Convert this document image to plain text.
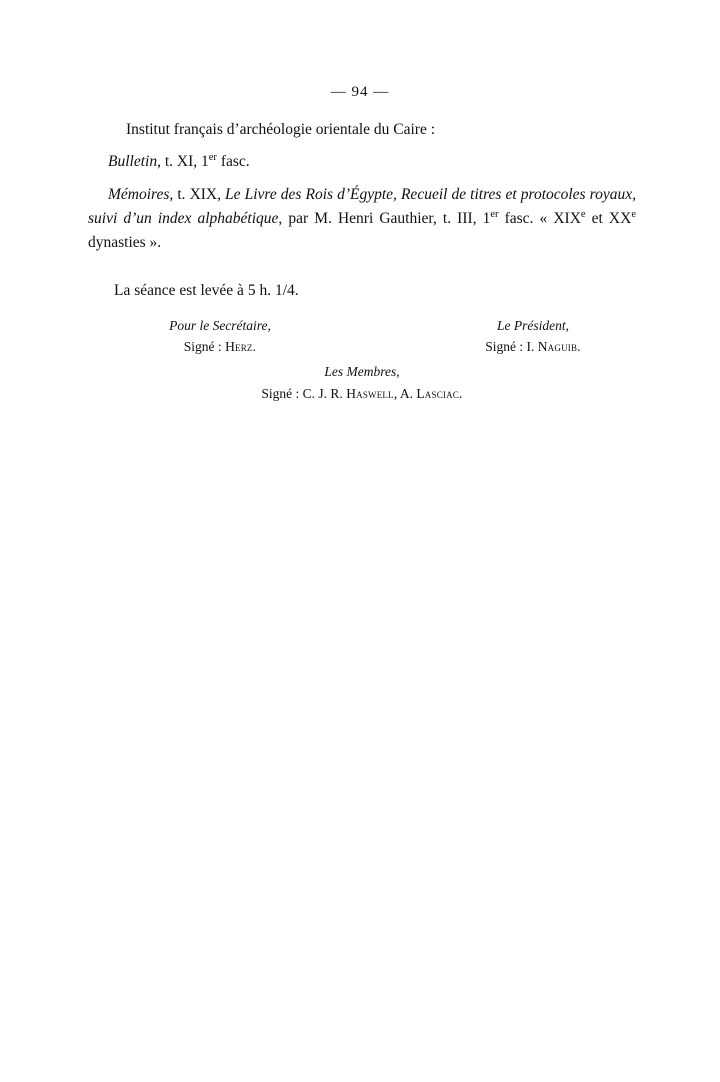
— 94 —

Institut français d’archéologie orientale du Caire :

Bulletin, t. XI, 1er fasc.

Mémoires, t. XIX, Le Livre des Rois d’Égypte, Recueil de titres et protocoles royaux, suivi d’un index alphabétique, par M. Henri Gauthier, t. III, 1er fasc. « XIXe et XXe dynasties ».

La séance est levée à 5 h. 1/4.

Pour le Secrétaire,
Signé : Herz.
Le Président,
Signé : I. Naguib.
Les Membres,
Signé : C. J. R. Haswell, A. Lasciac.
